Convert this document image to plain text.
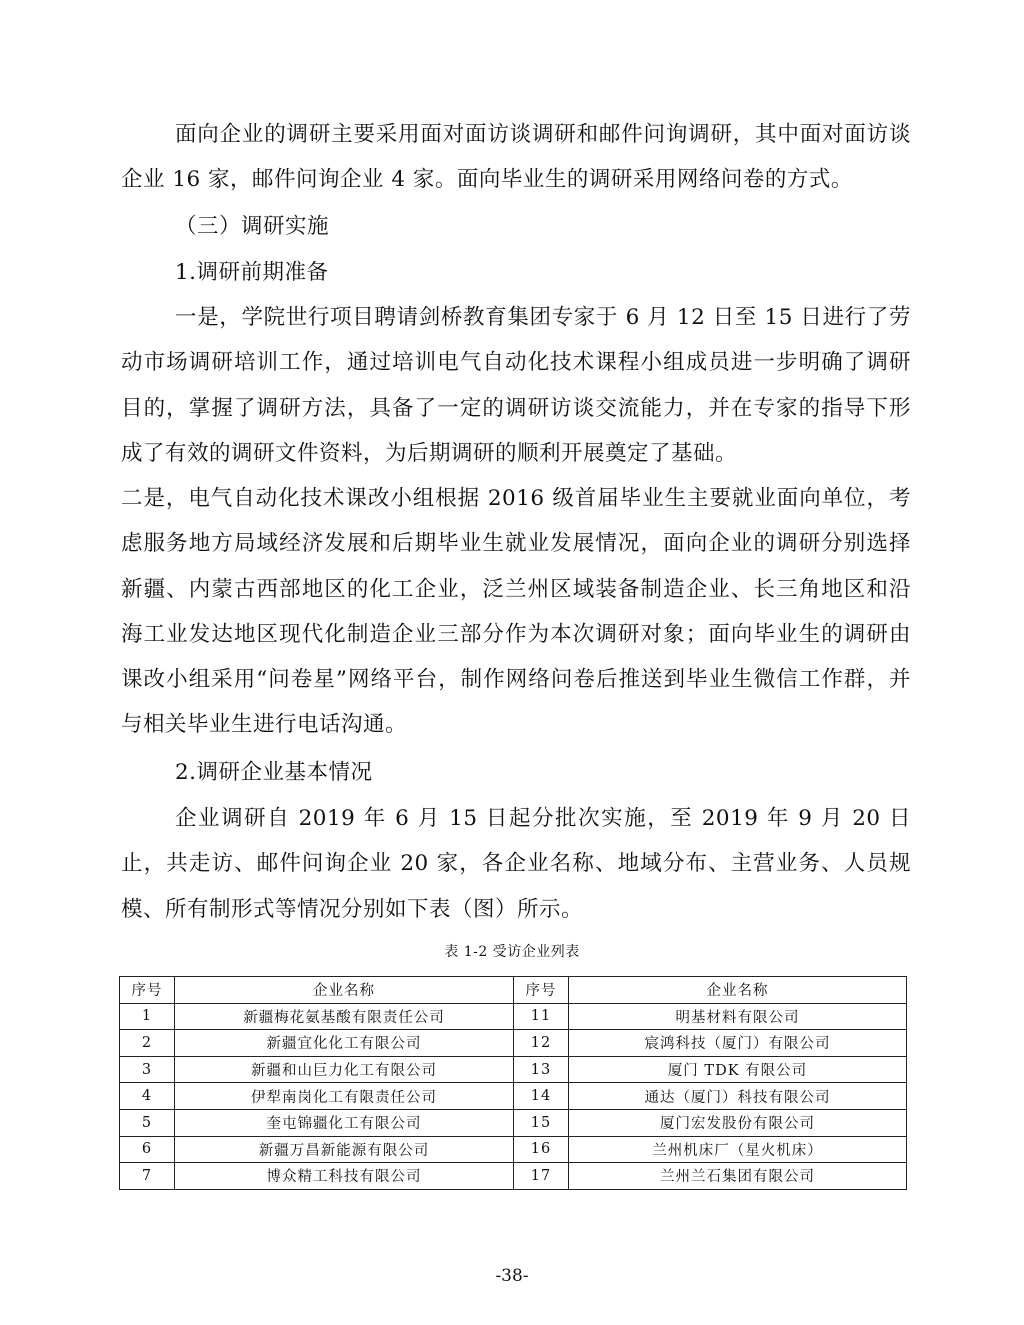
面向企业的调研主要采用面对面访谈调研和邮件问询调研，其中面对面访谈企业 16 家，邮件问询企业 4 家。面向毕业生的调研采用网络问卷的方式。

（三）调研实施

1.调研前期准备

一是，学院世行项目聘请剑桥教育集团专家于 6 月 12 日至 15 日进行了劳动市场调研培训工作，通过培训电气自动化技术课程小组成员进一步明确了调研目的，掌握了调研方法，具备了一定的调研访谈交流能力，并在专家的指导下形成了有效的调研文件资料，为后期调研的顺利开展奠定了基础。

二是，电气自动化技术课改小组根据 2016 级首届毕业生主要就业面向单位，考虑服务地方局域经济发展和后期毕业生就业发展情况，面向企业的调研分别选择新疆、内蒙古西部地区的化工企业，泛兰州区域装备制造企业、长三角地区和沿海工业发达地区现代化制造企业三部分作为本次调研对象；面向毕业生的调研由课改小组采用“问卷星”网络平台，制作网络问卷后推送到毕业生微信工作群，并与相关毕业生进行电话沟通。

2.调研企业基本情况

企业调研自 2019 年 6 月 15 日起分批次实施，至 2019 年 9 月 20 日止，共走访、邮件问询企业 20 家，各企业名称、地域分布、主营业务、人员规模、所有制形式等情况分别如下表（图）所示。

表 1-2 受访企业列表
序号	企业名称	序号	企业名称
1	新疆梅花氨基酸有限责任公司	11	明基材料有限公司
2	新疆宜化化工有限公司	12	宸鸿科技（厦门）有限公司
3	新疆和山巨力化工有限公司	13	厦门 TDK 有限公司
4	伊犁南岗化工有限责任公司	14	通达（厦门）科技有限公司
5	奎屯锦疆化工有限公司	15	厦门宏发股份有限公司
6	新疆万昌新能源有限公司	16	兰州机床厂（星火机床）
7	博众精工科技有限公司	17	兰州兰石集团有限公司
-38-
